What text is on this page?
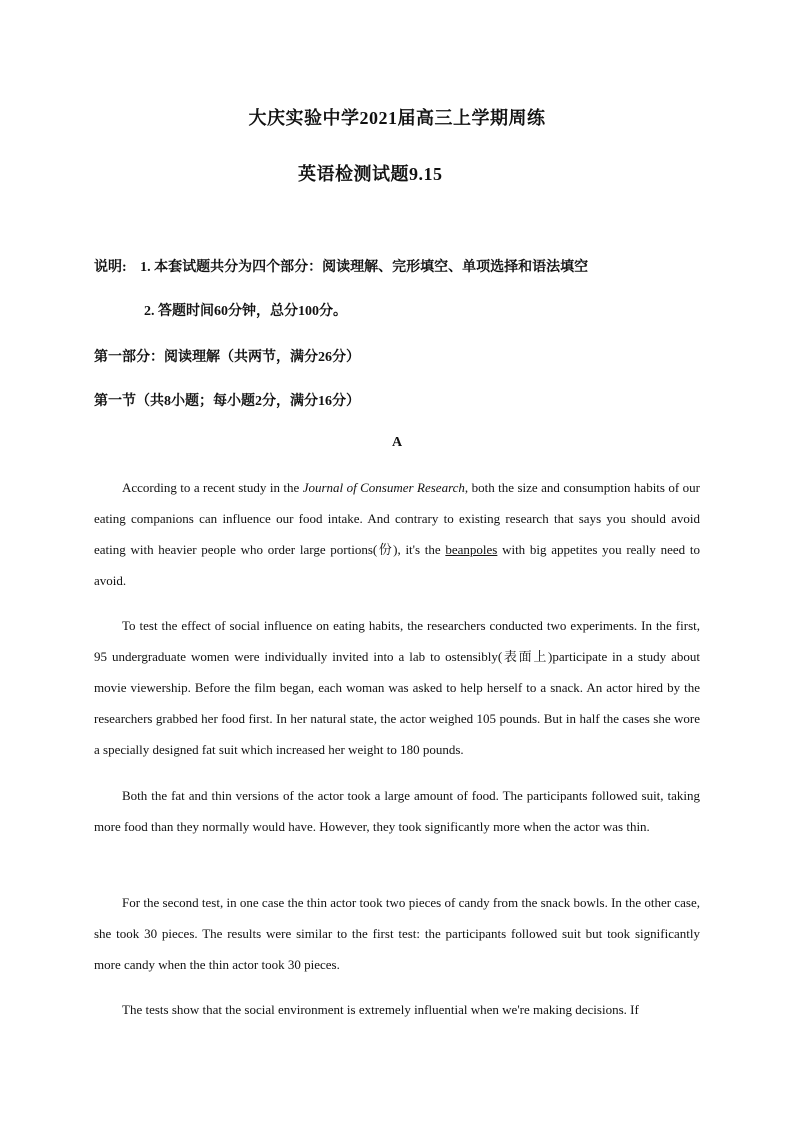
大庆实验中学2021届高三上学期周练
英语检测试题9.15
说明: 1. 本套试题共分为四个部分：阅读理解、完形填空、单项选择和语法填空
2. 答题时间60分钟，总分100分。
第一部分：阅读理解（共两节，满分26分）
第一节（共8小题；每小题2分，满分16分）
A

According to a recent study in the Journal of Consumer Research, both the size and consumption habits of our eating companions can influence our food intake. And contrary to existing research that says you should avoid eating with heavier people who order large portions(份), it's the beanpoles with big appetites you really need to avoid.

To test the effect of social influence on eating habits, the researchers conducted two experiments. In the first, 95 undergraduate women were individually invited into a lab to ostensibly(表面上)participate in a study about movie viewership. Before the film began, each woman was asked to help herself to a snack. An actor hired by the researchers grabbed her food first. In her natural state, the actor weighed 105 pounds. But in half the cases she wore a specially designed fat suit which increased her weight to 180 pounds.

Both the fat and thin versions of the actor took a large amount of food. The participants followed suit, taking more food than they normally would have. However, they took significantly more when the actor was thin.

For the second test, in one case the thin actor took two pieces of candy from the snack bowls. In the other case, she took 30 pieces. The results were similar to the first test: the participants followed suit but took significantly more candy when the thin actor took 30 pieces.

The tests show that the social environment is extremely influential when we're making decisions. If
